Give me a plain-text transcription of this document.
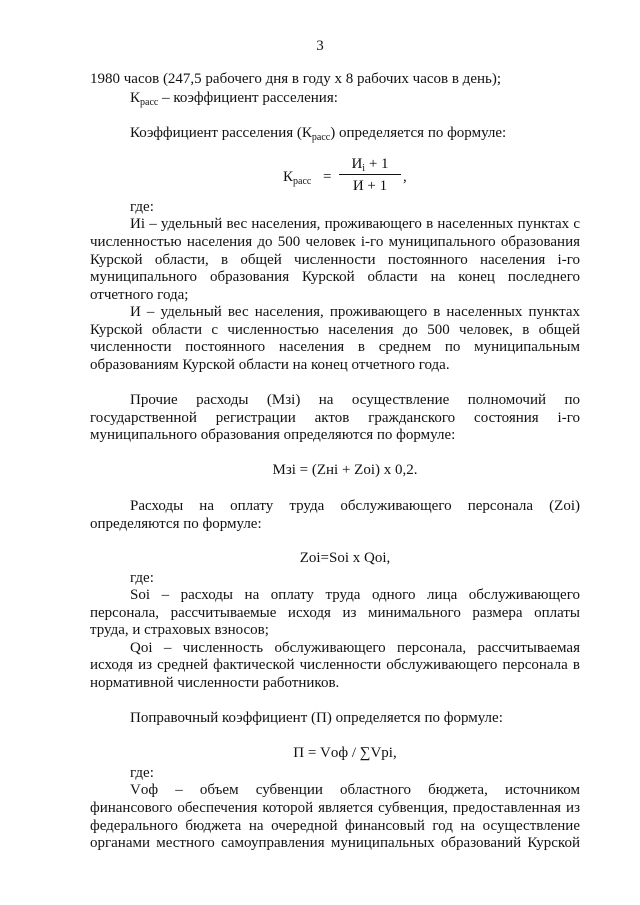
3
1980 часов (247,5 рабочего дня в году x 8 рабочих часов в день);
$К_{расс}$ – коэффициент расселения:
Коэффициент расселения $(К_{расс})$ определяется по формуле:
$К_{расс}$ =
$И_i + 1$
И + 1
,
где:
Иi – удельный вес населения, проживающего в населенных пунктах с
численностью населения до 500 человек i-го муниципального образования
Курской области, в общей численности постоянного населения i-го
муниципального образования Курской области на конец последнего
отчетного года;
И – удельный вес населения, проживающего в населенных пунктах
Курской области с численностью населения до 500 человек, в общей
численности постоянного населения в среднем по муниципальным
образованиям Курской области на конец отчетного года.
Прочие расходы (Мзi) на осуществление полномочий по
государственной регистрации актов гражданского состояния i-го
муниципального образования определяются по формуле:
Мзi = (Zнi + Zoi) x 0,2.
Расходы на оплату труда обслуживающего персонала (Zoi)
определяются по формуле:
Zoi=Soi x Qoi,
где:
Soi – расходы на оплату труда одного лица обслуживающего
персонала, рассчитываемые исходя из минимального размера оплаты
труда, и страховых взносов;
Qoi – численность обслуживающего персонала, рассчитываемая
исходя из средней фактической численности обслуживающего персонала в
нормативной численности работников.
Поправочный коэффициент (П) определяется по формуле:
П = Vоф / ∑Vpi,
где:
Vоф – объем субвенции областного бюджета, источником
финансового обеспечения которой является субвенция, предоставленная из
федерального бюджета на очередной финансовый год на осуществление
органами местного самоуправления муниципальных образований Курской
